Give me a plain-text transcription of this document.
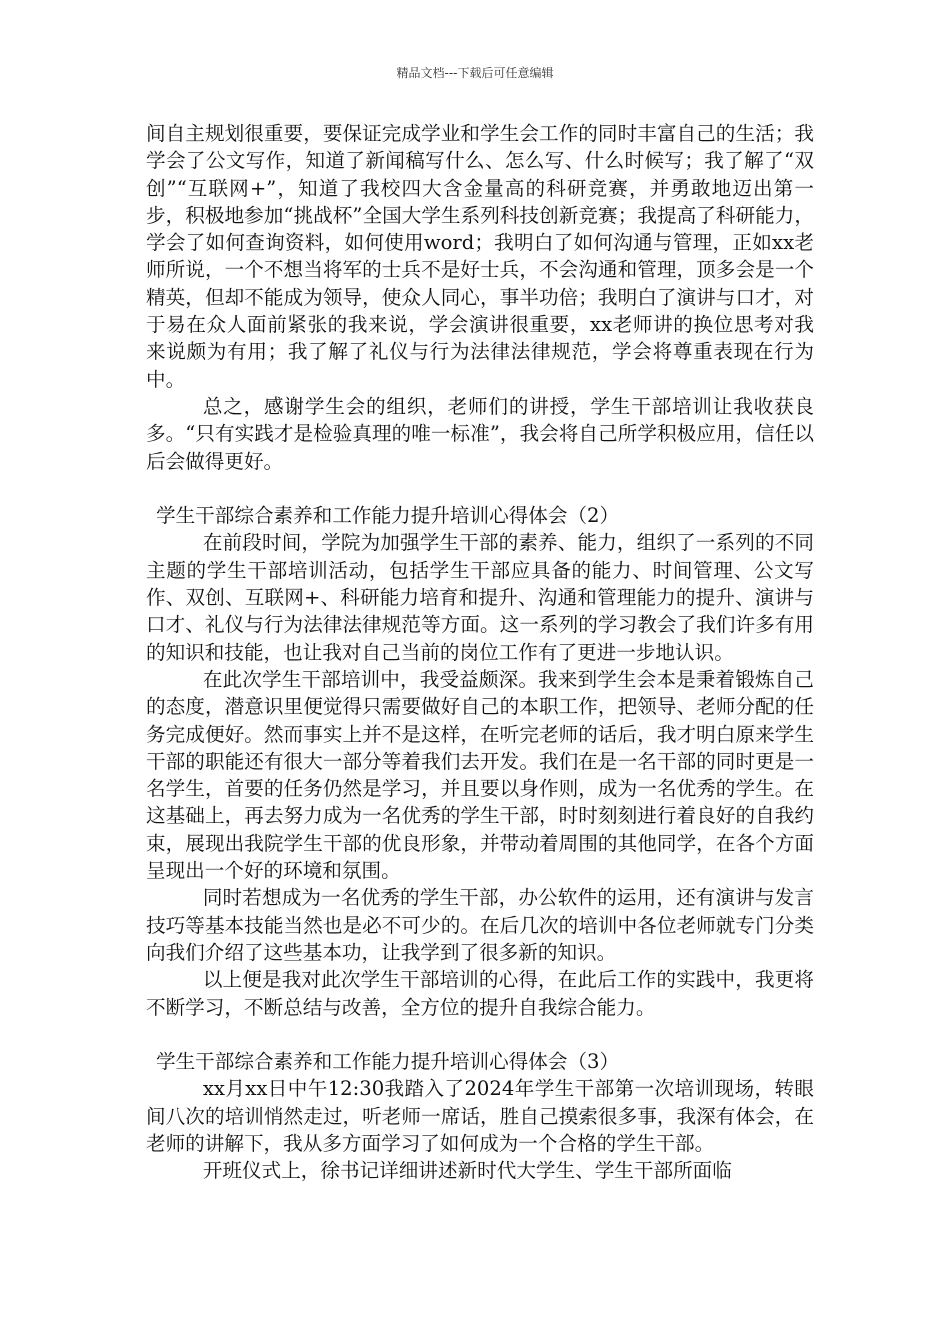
精品文档---下载后可任意编辑

间自主规划很重要，要保证完成学业和学生会工作的同时丰富自己的生活；我学会了公文写作，知道了新闻稿写什么、怎么写、什么时候写；我了解了“双创”“互联网+”，知道了我校四大含金量高的科研竞赛，并勇敢地迈出第一步，积极地参加“挑战杯”全国大学生系列科技创新竞赛；我提高了科研能力，学会了如何查询资料，如何使用word；我明白了如何沟通与管理，正如xx老师所说，一个不想当将军的士兵不是好士兵，不会沟通和管理，顶多会是一个精英，但却不能成为领导，使众人同心，事半功倍；我明白了演讲与口才，对于易在众人面前紧张的我来说，学会演讲很重要，xx老师讲的换位思考对我来说颇为有用；我了解了礼仪与行为法律法律规范，学会将尊重表现在行为中。

总之，感谢学生会的组织，老师们的讲授，学生干部培训让我收获良多。“只有实践才是检验真理的唯一标准”，我会将自己所学积极应用，信任以后会做得更好。

学生干部综合素养和工作能力提升培训心得体会（2）

在前段时间，学院为加强学生干部的素养、能力，组织了一系列的不同主题的学生干部培训活动，包括学生干部应具备的能力、时间管理、公文写作、双创、互联网+、科研能力培育和提升、沟通和管理能力的提升、演讲与口才、礼仪与行为法律法律规范等方面。这一系列的学习教会了我们许多有用的知识和技能，也让我对自己当前的岗位工作有了更进一步地认识。

在此次学生干部培训中，我受益颇深。我来到学生会本是秉着锻炼自己的态度，潜意识里便觉得只需要做好自己的本职工作，把领导、老师分配的任务完成便好。然而事实上并不是这样，在听完老师的话后，我才明白原来学生干部的职能还有很大一部分等着我们去开发。我们在是一名干部的同时更是一名学生，首要的任务仍然是学习，并且要以身作则，成为一名优秀的学生。在这基础上，再去努力成为一名优秀的学生干部，时时刻刻进行着良好的自我约束，展现出我院学生干部的优良形象，并带动着周围的其他同学，在各个方面呈现出一个好的环境和氛围。

同时若想成为一名优秀的学生干部，办公软件的运用，还有演讲与发言技巧等基本技能当然也是必不可少的。在后几次的培训中各位老师就专门分类向我们介绍了这些基本功，让我学到了很多新的知识。

以上便是我对此次学生干部培训的心得，在此后工作的实践中，我更将不断学习，不断总结与改善，全方位的提升自我综合能力。

学生干部综合素养和工作能力提升培训心得体会（3）

xx月xx日中午12:30我踏入了2024年学生干部第一次培训现场，转眼间八次的培训悄然走过，听老师一席话，胜自己摸索很多事，我深有体会，在老师的讲解下，我从多方面学习了如何成为一个合格的学生干部。

开班仪式上，徐书记详细讲述新时代大学生、学生干部所面临
